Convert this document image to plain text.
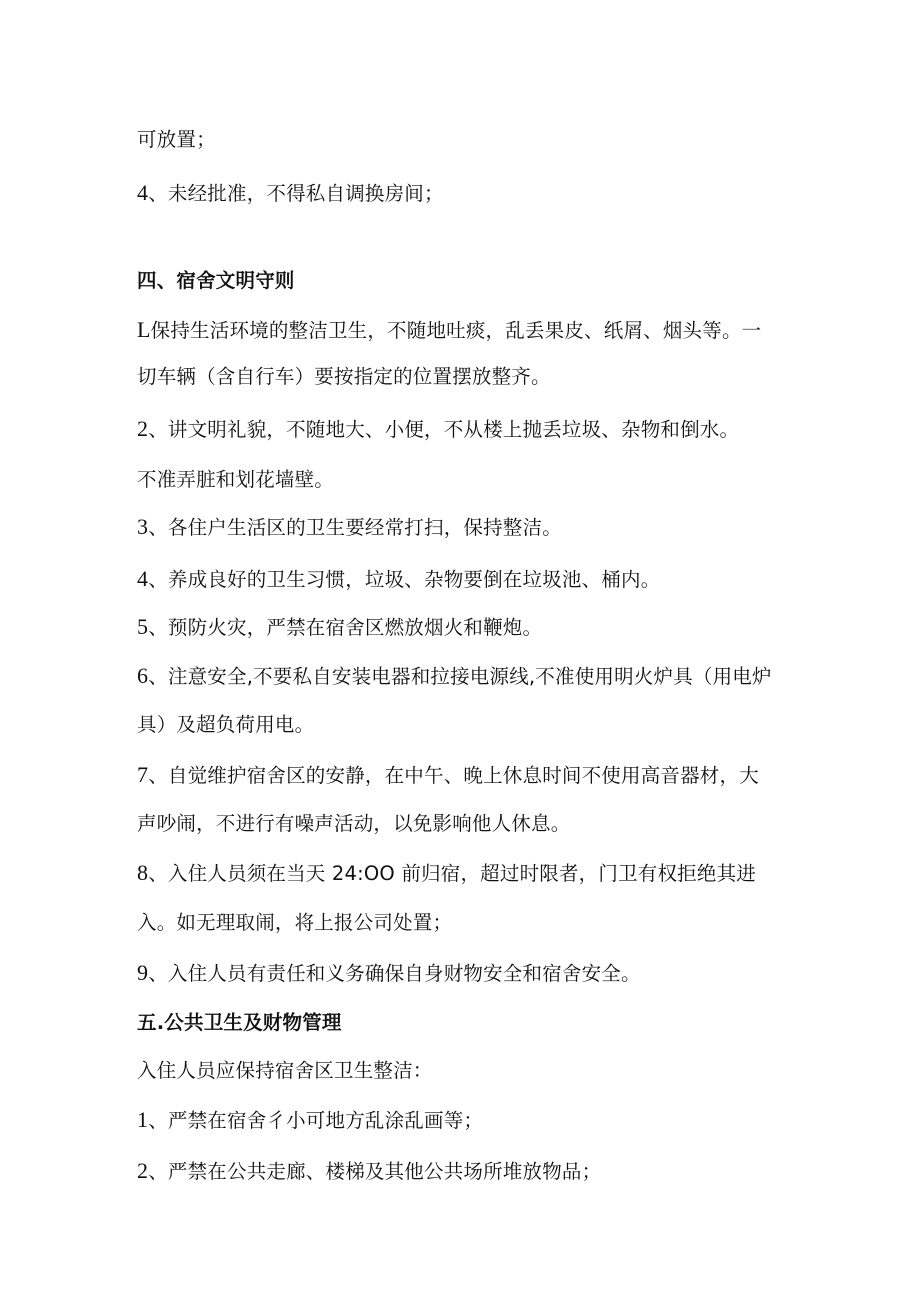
可放置；
4、未经批准，不得私自调换房间；
四、宿舍文明守则
L保持生活环境的整洁卫生，不随地吐痰，乱丢果皮、纸屑、烟头等。一
切车辆（含自行车）要按指定的位置摆放整齐。
2、讲文明礼貌，不随地大、小便，不从楼上抛丢垃圾、杂物和倒水。
不准弄脏和划花墙壁。
3、各住户生活区的卫生要经常打扫，保持整洁。
4、养成良好的卫生习惯，垃圾、杂物要倒在垃圾池、桶内。
5、预防火灾，严禁在宿舍区燃放烟火和鞭炮。
6、注意安全,不要私自安装电器和拉接电源线,不准使用明火炉具（用电炉
具）及超负荷用电。
7、自觉维护宿舍区的安静，在中午、晚上休息时间不使用高音器材，大
声吵闹，不进行有噪声活动，以免影响他人休息。
8、入住人员须在当天 24:OO 前归宿，超过时限者，门卫有权拒绝其进
入。如无理取闹，将上报公司处置；
9、入住人员有责任和义务确保自身财物安全和宿舍安全。
五.公共卫生及财物管理
入住人员应保持宿舍区卫生整洁：
1、严禁在宿舍彳小可地方乱涂乱画等；
2、严禁在公共走廊、楼梯及其他公共场所堆放物品；
